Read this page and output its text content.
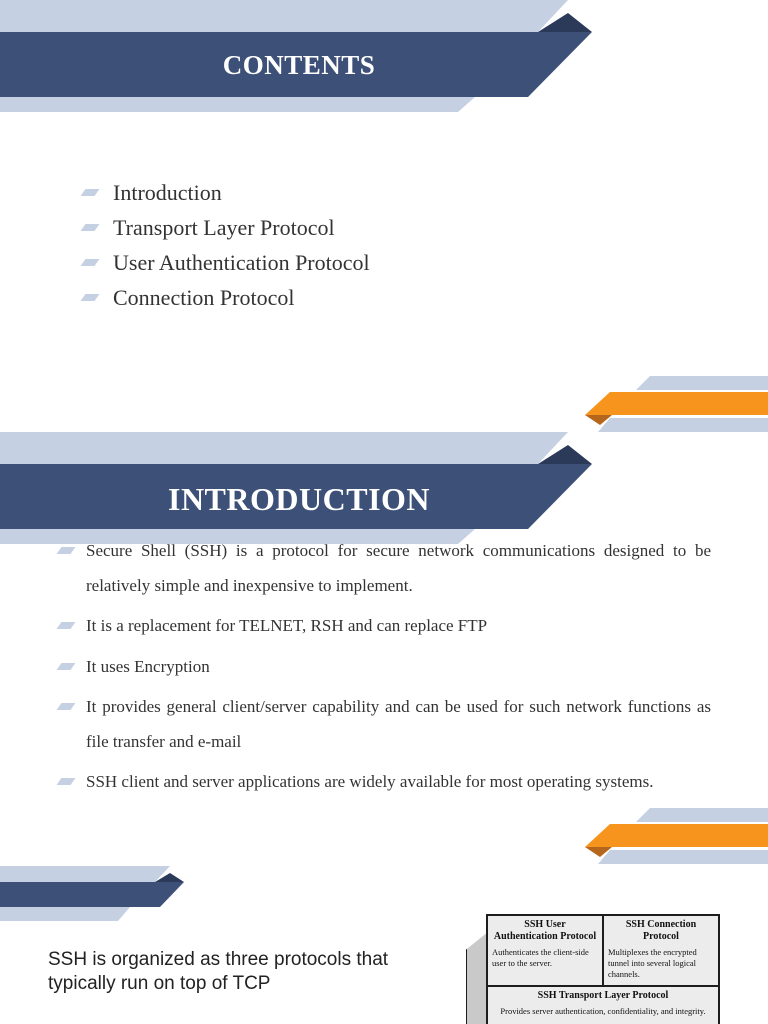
CONTENTS
Introduction
Transport Layer Protocol
User Authentication Protocol
Connection Protocol
INTRODUCTION
Secure Shell (SSH) is a protocol for secure network communications designed to be relatively simple and inexpensive to implement.
It is a replacement for TELNET, RSH and can replace FTP
It uses Encryption
It provides general client/server capability and can be used for such network functions as file transfer and e-mail
SSH client and server applications are widely available for most operating systems.
SSH is organized as three protocols that typically run on top of TCP
SSH User Authentication Protocol
Authenticates the client-side user to the server.
SSH Connection Protocol
Multiplexes the encrypted tunnel into several logical channels.
SSH Transport Layer Protocol
Provides server authentication, confidentiality, and integrity.
